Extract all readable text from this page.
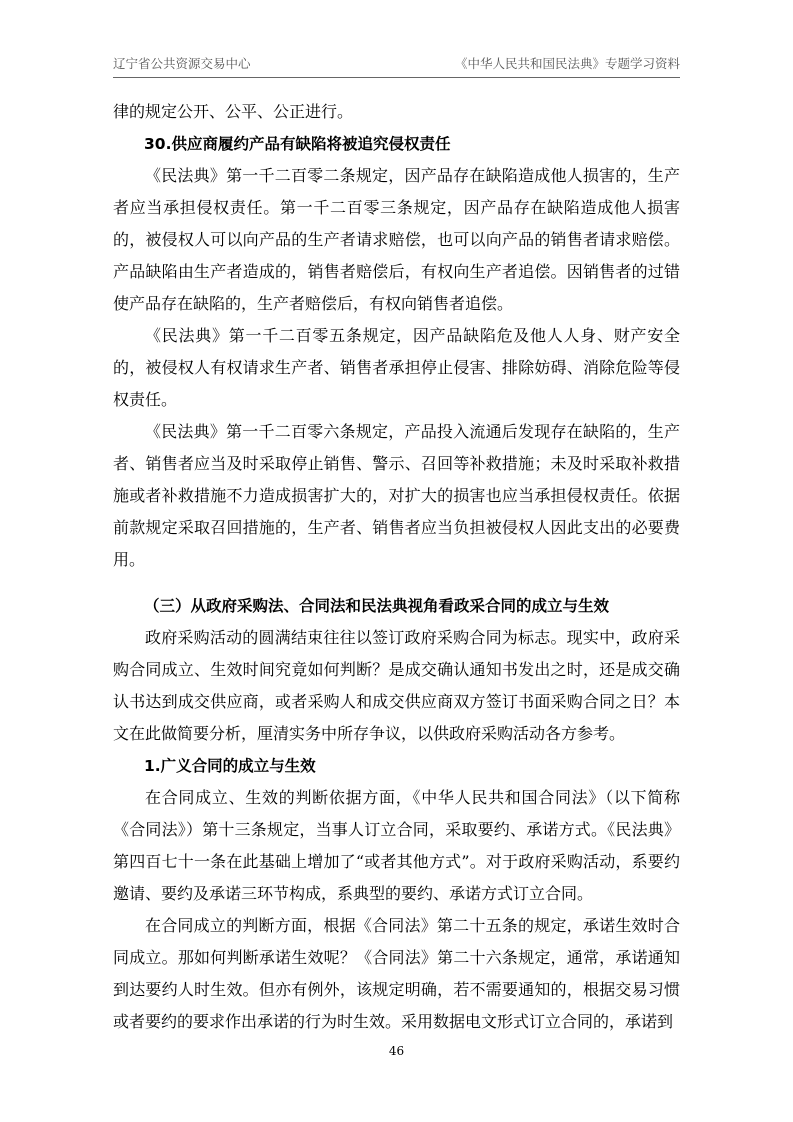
辽宁省公共资源交易中心	《中华人民共和国民法典》专题学习资料

律的规定公开、公平、公正进行。

30.供应商履约产品有缺陷将被追究侵权责任

《民法典》第一千二百零二条规定，因产品存在缺陷造成他人损害的，生产者应当承担侵权责任。第一千二百零三条规定，因产品存在缺陷造成他人损害的，被侵权人可以向产品的生产者请求赔偿，也可以向产品的销售者请求赔偿。产品缺陷由生产者造成的，销售者赔偿后，有权向生产者追偿。因销售者的过错使产品存在缺陷的，生产者赔偿后，有权向销售者追偿。

《民法典》第一千二百零五条规定，因产品缺陷危及他人人身、财产安全的，被侵权人有权请求生产者、销售者承担停止侵害、排除妨碍、消除危险等侵权责任。

《民法典》第一千二百零六条规定，产品投入流通后发现存在缺陷的，生产者、销售者应当及时采取停止销售、警示、召回等补救措施；未及时采取补救措施或者补救措施不力造成损害扩大的，对扩大的损害也应当承担侵权责任。依据前款规定采取召回措施的，生产者、销售者应当负担被侵权人因此支出的必要费用。

（三）从政府采购法、合同法和民法典视角看政采合同的成立与生效

政府采购活动的圆满结束往往以签订政府采购合同为标志。现实中，政府采购合同成立、生效时间究竟如何判断？是成交确认通知书发出之时，还是成交确认书达到成交供应商，或者采购人和成交供应商双方签订书面采购合同之日？本文在此做简要分析，厘清实务中所存争议，以供政府采购活动各方参考。

1.广义合同的成立与生效

在合同成立、生效的判断依据方面，《中华人民共和国合同法》（以下简称《合同法》）第十三条规定，当事人订立合同，采取要约、承诺方式。《民法典》第四百七十一条在此基础上增加了“或者其他方式”。对于政府采购活动，系要约邀请、要约及承诺三环节构成，系典型的要约、承诺方式订立合同。

在合同成立的判断方面，根据《合同法》第二十五条的规定，承诺生效时合同成立。那如何判断承诺生效呢？《合同法》第二十六条规定，通常，承诺通知到达要约人时生效。但亦有例外，该规定明确，若不需要通知的，根据交易习惯或者要约的要求作出承诺的行为时生效。采用数据电文形式订立合同的，承诺到

46
